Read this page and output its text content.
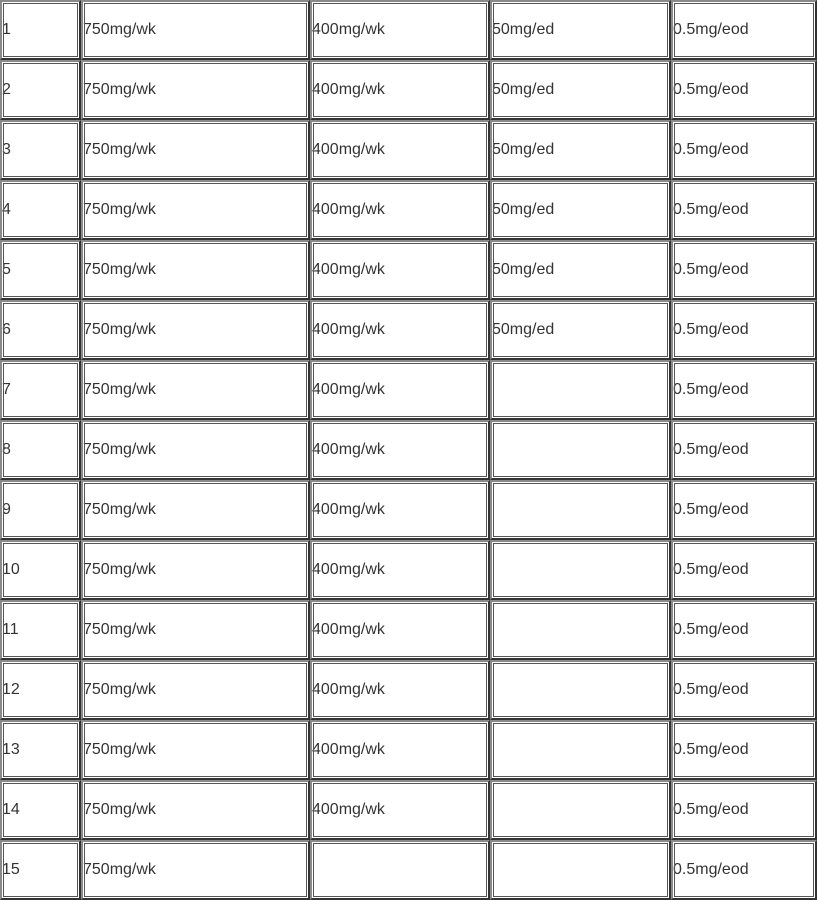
1	750mg/wk	400mg/wk	50mg/ed	0.5mg/eod
2	750mg/wk	400mg/wk	50mg/ed	0.5mg/eod
3	750mg/wk	400mg/wk	50mg/ed	0.5mg/eod
4	750mg/wk	400mg/wk	50mg/ed	0.5mg/eod
5	750mg/wk	400mg/wk	50mg/ed	0.5mg/eod
6	750mg/wk	400mg/wk	50mg/ed	0.5mg/eod
7	750mg/wk	400mg/wk		0.5mg/eod
8	750mg/wk	400mg/wk		0.5mg/eod
9	750mg/wk	400mg/wk		0.5mg/eod
10	750mg/wk	400mg/wk		0.5mg/eod
11	750mg/wk	400mg/wk		0.5mg/eod
12	750mg/wk	400mg/wk		0.5mg/eod
13	750mg/wk	400mg/wk		0.5mg/eod
14	750mg/wk	400mg/wk		0.5mg/eod
15	750mg/wk			0.5mg/eod
